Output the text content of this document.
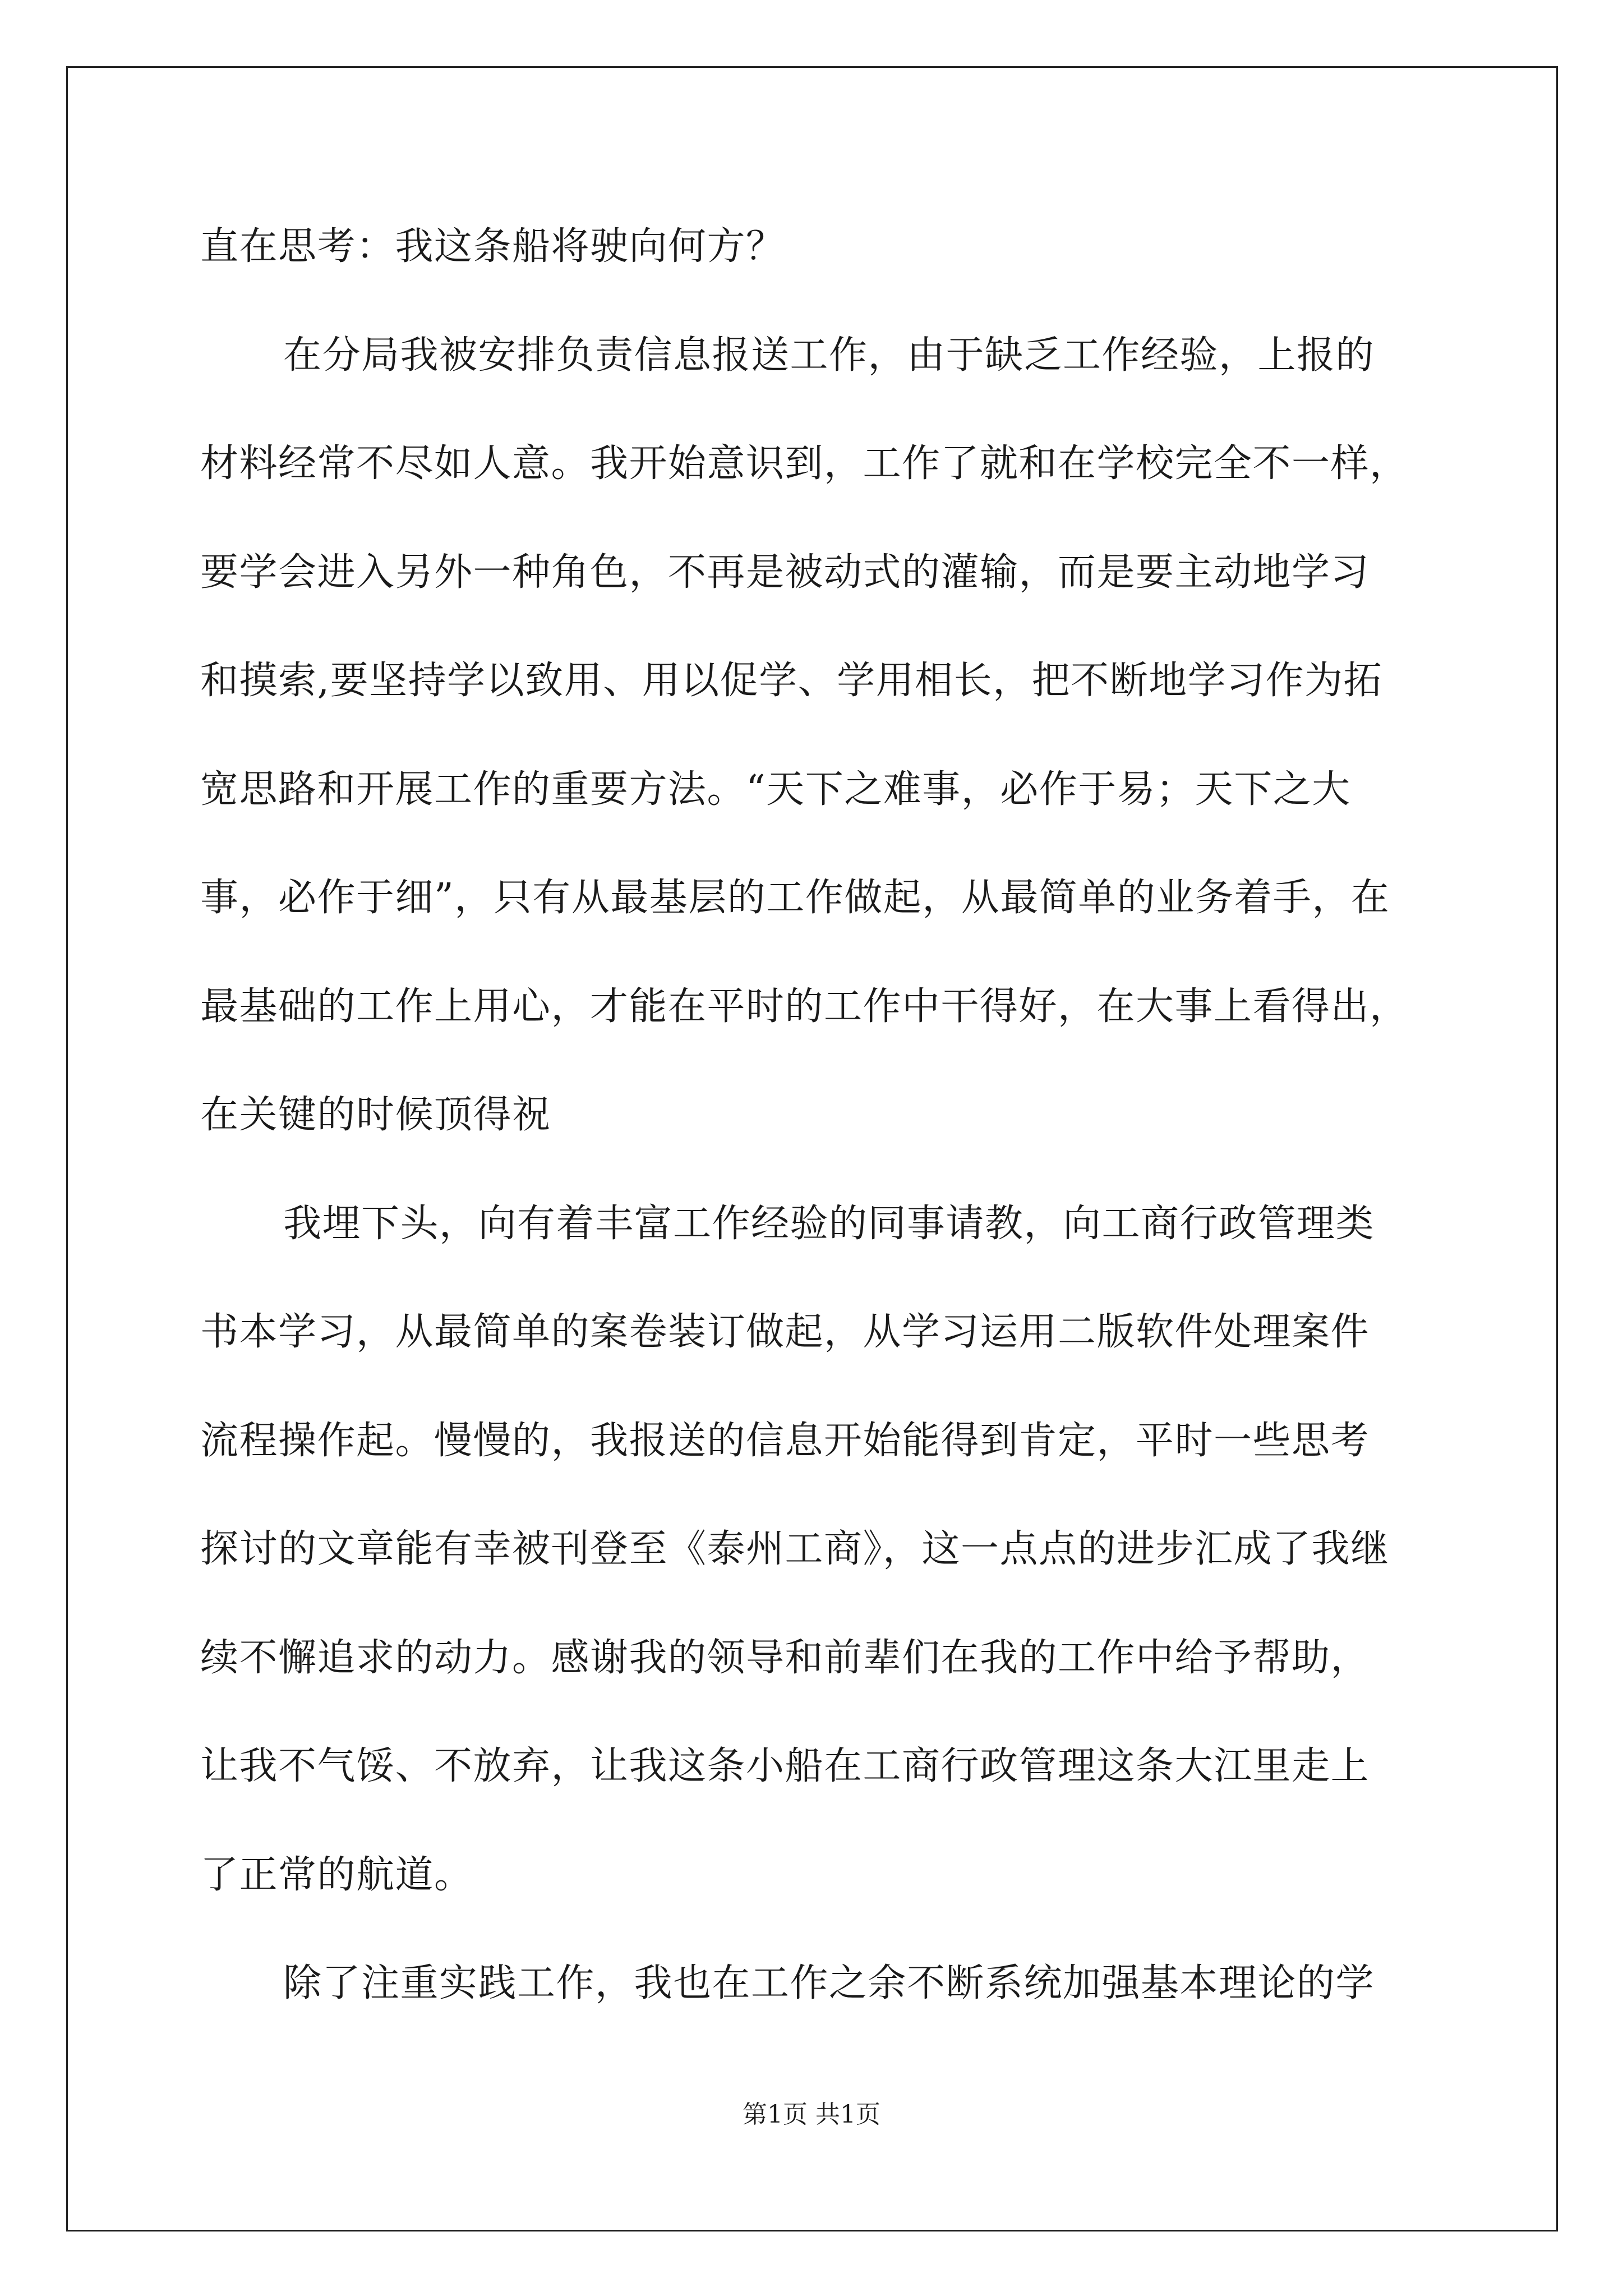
直在思考：我这条船将驶向何方？
在分局我被安排负责信息报送工作，由于缺乏工作经验，上报的
材料经常不尽如人意。我开始意识到，工作了就和在学校完全不一样，
要学会进入另外一种角色，不再是被动式的灌输，而是要主动地学习
和摸索,要坚持学以致用、用以促学、学用相长，把不断地学习作为拓
宽思路和开展工作的重要方法。“天下之难事，必作于易；天下之大
事，必作于细”，只有从最基层的工作做起，从最简单的业务着手，在
最基础的工作上用心，才能在平时的工作中干得好，在大事上看得出，
在关键的时候顶得祝
我埋下头，向有着丰富工作经验的同事请教，向工商行政管理类
书本学习，从最简单的案卷装订做起，从学习运用二版软件处理案件
流程操作起。慢慢的，我报送的信息开始能得到肯定，平时一些思考
探讨的文章能有幸被刊登至《泰州工商》，这一点点的进步汇成了我继
续不懈追求的动力。感谢我的领导和前辈们在我的工作中给予帮助，
让我不气馁、不放弃，让我这条小船在工商行政管理这条大江里走上
了正常的航道。
除了注重实践工作，我也在工作之余不断系统加强基本理论的学
第1页 共1页
